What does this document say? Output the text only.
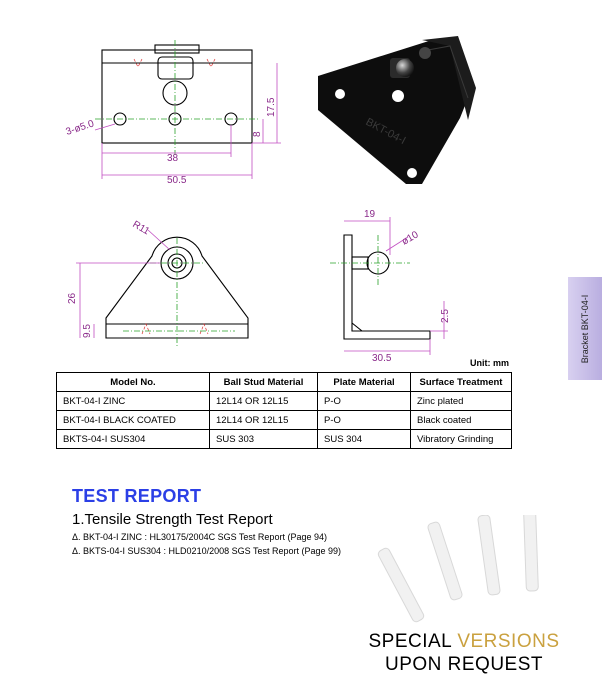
3-ø5.0
38
50.5
8
17.5
BKT-04-I
R11
26
9.5
19
ø10
2.5
30.5	Bracket BKT-04-I
Unit: mm
Model No.	Ball Stud Material	Plate Material	Surface Treatment
BKT-04-I ZINC	12L14 OR 12L15	P-O	Zinc plated
BKT-04-I BLACK COATED	12L14 OR 12L15	P-O	Black coated
BKTS-04-I SUS304	SUS 303	SUS 304	Vibratory Grinding
TEST REPORT
1.Tensile Strength Test Report
Δ. BKT-04-I ZINC : HL30175/2004C SGS Test Report (Page 94)
Δ. BKTS-04-I SUS304 : HLD0210/2008 SGS Test Report (Page 99)
SPECIAL VERSIONS
UPON REQUEST
